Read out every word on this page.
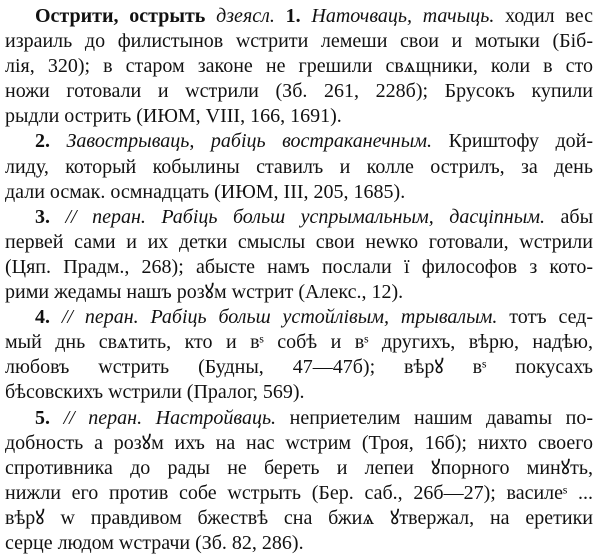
Острити, острыть дзеясл. 1. Наточваць, тачыць. ходил вес
израиль до филистынов wстрити лемеши свои и мотыки (Біб-
лія, 320); в старом законе не грешили свѧщники, коли в сто
ножи готовали и wстрили (Зб. 261, 228б); Брусокъ купили
рыдли острить (ИЮМ, VIII, 166, 1691).
2. Завострываць, рабіць востраканечным. Криштофу дой-
лиду, который кобылины ставилъ и колле острилъ, за день
дали осмак. осмнадцать (ИЮМ, III, 205, 1685).
3. // перан. Рабіць больш успрымальным, дасціпным. абы
первей сами и их детки смыслы свои неwко готовали, wстрили
(Цяп. Прадм., 268); абысте намъ послали ї философов з кото-
рими жедамы нашъ розꙋм wстрит (Алекс., 12).
4. // перан. Рабіць больш устойлівым, трывалым. тотъ сед-
мый днь свѧтить, кто и вˢ собѣ и вˢ другихъ, вѣрю, надѣю,
любовъ wстрить (Будны, 47—47б); вѣрꙋ вˢ покусахъ
бѣсовскихъ wстрили (Пралог, 569).
5. // перан. Настройваць. неприетелим нашим даваmы по-
добность а розꙋм ихъ на нас wстрим (Троя, 16б); нихто своего
спротивника до рады не береть и лепеи ꙋпорного минꙋть,
нижли его против собе wстрыть (Бер. саб., 26б—27); василеˢ ...
вѣрꙋ w правдивом бжествѣ сна бжиѧ ꙋтвержал, на еретики
серце людом wстрачи (Зб. 82, 286).
